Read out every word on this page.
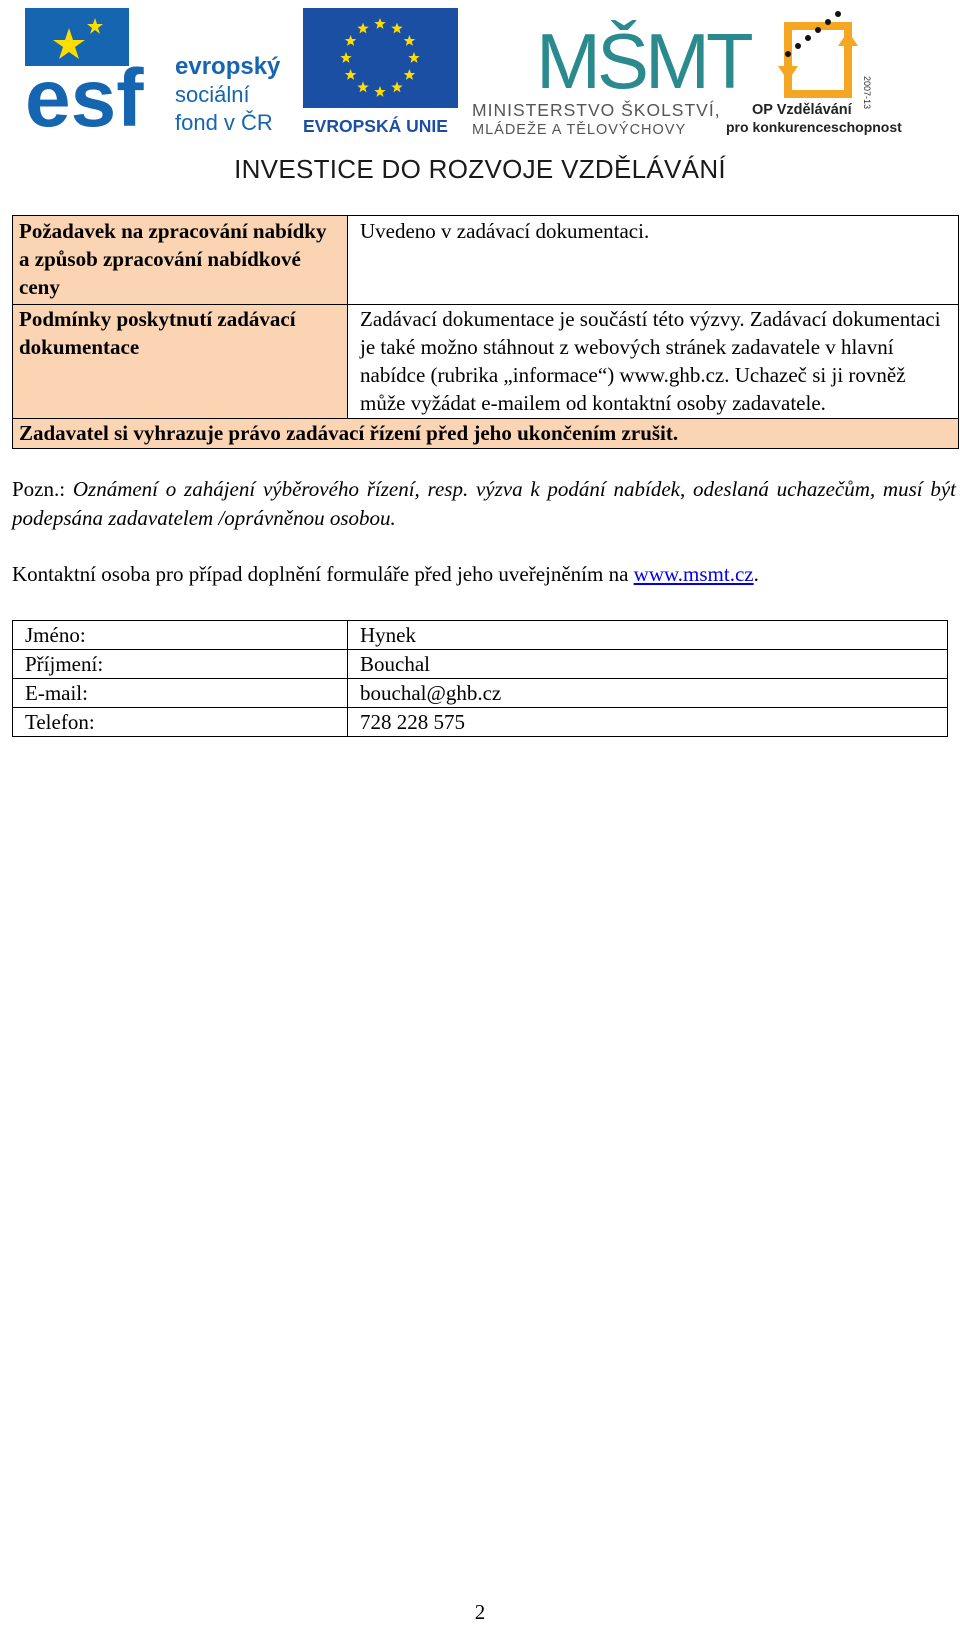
esf evropský
sociální
fond v ČR EVROPSKÁ UNIE
MŠMT
MINISTERSTVO ŠKOLSTVÍ,
MLÁDEŽE A TĚLOVÝCHOVY
2007-13
OP Vzdělávání
pro konkurenceschopnost
INVESTICE DO ROZVOJE VZDĚLÁVÁNÍ
Požadavek na zpracování nabídky a způsob zpracování nabídkové ceny	Uvedeno v zadávací dokumentaci.
Podmínky poskytnutí zadávací dokumentace	Zadávací dokumentace je součástí této výzvy. Zadávací dokumentaci je také možno stáhnout z webových stránek zadavatele v hlavní nabídce (rubrika „informace“) www.ghb.cz. Uchazeč si ji rovněž může vyžádat e-mailem od kontaktní osoby zadavatele.
Zadavatel si vyhrazuje právo zadávací řízení před jeho ukončením zrušit.	
Pozn.: Oznámení o zahájení výběrového řízení, resp. výzva k podání nabídek, odeslaná uchazečům, musí být podepsána zadavatelem /oprávněnou osobou.
Kontaktní osoba pro případ doplnění formuláře před jeho uveřejněním na www.msmt.cz.
Jméno:	Hynek
Příjmení:	Bouchal
E-mail:	bouchal@ghb.cz
Telefon:	728 228 575
2
